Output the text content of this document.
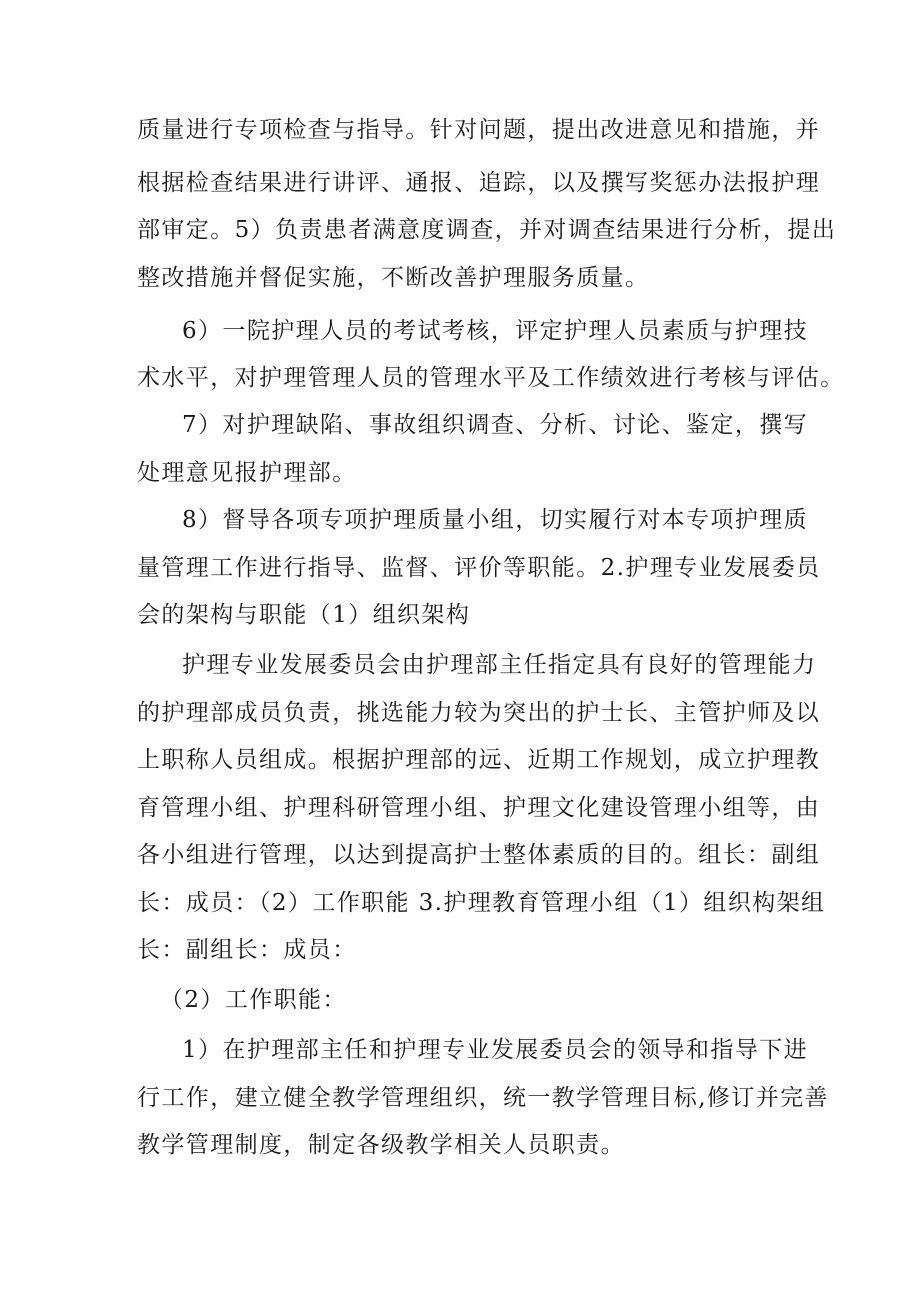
质量进行专项检查与指导。针对问题，提出改进意见和措施，并
根据检查结果进行讲评、通报、追踪，以及撰写奖惩办法报护理
部审定。5）负责患者满意度调查，并对调查结果进行分析，提出
整改措施并督促实施，不断改善护理服务质量。
6）一院护理人员的考试考核，评定护理人员素质与护理技
术水平，对护理管理人员的管理水平及工作绩效进行考核与评估。
7）对护理缺陷、事故组织调查、分析、讨论、鉴定，撰写
处理意见报护理部。
8）督导各项专项护理质量小组，切实履行对本专项护理质
量管理工作进行指导、监督、评价等职能。2.护理专业发展委员
会的架构与职能（1）组织架构
护理专业发展委员会由护理部主任指定具有良好的管理能力
的护理部成员负责，挑选能力较为突出的护士长、主管护师及以
上职称人员组成。根据护理部的远、近期工作规划，成立护理教
育管理小组、护理科研管理小组、护理文化建设管理小组等，由
各小组进行管理，以达到提高护士整体素质的目的。组长：副组
长：成员：（2）工作职能 3.护理教育管理小组（1）组织构架组
长：副组长：成员：
（2）工作职能：
1）在护理部主任和护理专业发展委员会的领导和指导下进
行工作，建立健全教学管理组织，统一教学管理目标,修订并完善
教学管理制度，制定各级教学相关人员职责。
